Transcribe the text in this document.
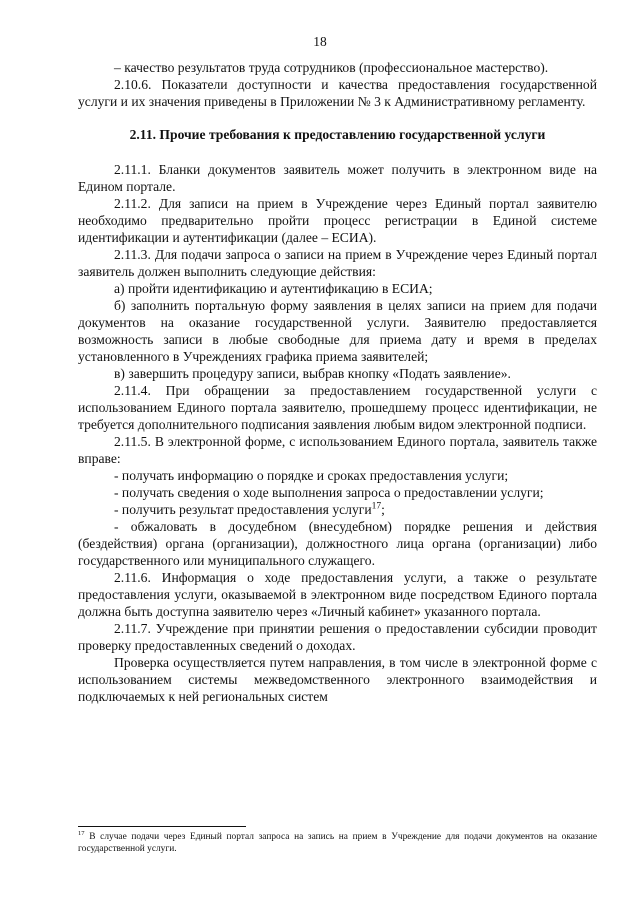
18

– качество результатов труда сотрудников (профессиональное мастерство).

2.10.6. Показатели доступности и качества предоставления государственной услуги и их значения приведены в Приложении № 3 к Административному регламенту.

2.11. Прочие требования к предоставлению государственной услуги

2.11.1. Бланки документов заявитель может получить в электронном виде на Едином портале.

2.11.2. Для записи на прием в Учреждение через Единый портал заявителю необходимо предварительно пройти процесс регистрации в Единой системе идентификации и аутентификации (далее – ЕСИА).

2.11.3. Для подачи запроса о записи на прием в Учреждение через Единый портал заявитель должен выполнить следующие действия:

а) пройти идентификацию и аутентификацию в ЕСИА;

б) заполнить портальную форму заявления в целях записи на прием для подачи документов на оказание государственной услуги. Заявителю предоставляется возможность записи в любые свободные для приема дату и время в пределах установленного в Учреждениях графика приема заявителей;

в) завершить процедуру записи, выбрав кнопку «Подать заявление».

2.11.4. При обращении за предоставлением государственной услуги с использованием Единого портала заявителю, прошедшему процесс идентификации, не требуется дополнительного подписания заявления любым видом электронной подписи.

2.11.5. В электронной форме, с использованием Единого портала, заявитель также вправе:

- получать информацию о порядке и сроках предоставления услуги;

- получать сведения о ходе выполнения запроса о предоставлении услуги;

- получить результат предоставления услуги$^{17}$;

- обжаловать в досудебном (внесудебном) порядке решения и действия (бездействия) органа (организации), должностного лица органа (организации) либо государственного или муниципального служащего.

2.11.6. Информация о ходе предоставления услуги, а также о результате предоставления услуги, оказываемой в электронном виде посредством Единого портала должна быть доступна заявителю через «Личный кабинет» указанного портала.

2.11.7. Учреждение при принятии решения о предоставлении субсидии проводит проверку предоставленных сведений о доходах.

Проверка осуществляется путем направления, в том числе в электронной форме с использованием системы межведомственного электронного взаимодействия и подключаемых к ней региональных систем

$^{17}$ В случае подачи через Единый портал запроса на запись на прием в Учреждение для подачи документов на оказание государственной услуги.
